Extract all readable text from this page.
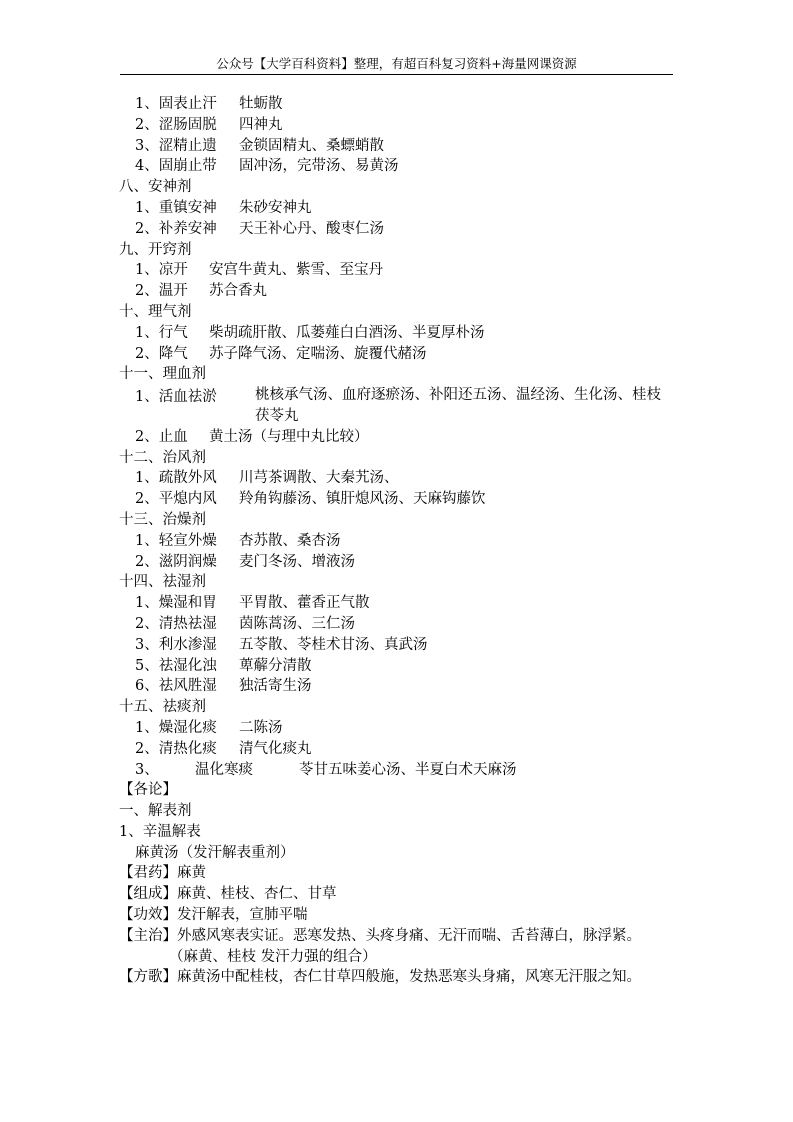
公众号【大学百科资料】整理，有超百科复习资料+海量网课资源
1、固表止汗 牡蛎散
2、涩肠固脱 四神丸
3、涩精止遗 金锁固精丸、桑螵蛸散
4、固崩止带 固冲汤，完带汤、易黄汤
八、安神剂
1、重镇安神 朱砂安神丸
2、补养安神 天王补心丹、酸枣仁汤
九、开窍剂
1、凉开 安宫牛黄丸、紫雪、至宝丹
2、温开 苏合香丸
十、理气剂
1、行气 柴胡疏肝散、瓜蒌薤白白酒汤、半夏厚朴汤
2、降气 苏子降气汤、定喘汤、旋覆代赭汤
十一、理血剂
1、活血祛淤	桃核承气汤、血府逐瘀汤、补阳还五汤、温经汤、生化汤、桂枝茯苓丸
2、止血 黄土汤（与理中丸比较）
十二、治风剂
1、疏散外风 川芎茶调散、大秦艽汤、
2、平熄内风 羚角钩藤汤、镇肝熄风汤、天麻钩藤饮
十三、治燥剂
1、轻宣外燥 杏苏散、桑杏汤
2、滋阴润燥 麦门冬汤、增液汤
十四、祛湿剂
1、燥湿和胃 平胃散、藿香正气散
2、清热祛湿 茵陈蒿汤、三仁汤
3、利水渗湿 五苓散、苓桂术甘汤、真武汤
5、祛湿化浊 萆薢分清散
6、祛风胜湿 独活寄生汤
十五、祛痰剂
1、燥湿化痰 二陈汤
2、清热化痰 清气化痰丸
3、	温化寒痰	苓甘五味姜心汤、半夏白术天麻汤
【各论】
一、解表剂
1、辛温解表
麻黄汤（发汗解表重剂）
【君药】麻黄
【组成】麻黄、桂枝、杏仁、甘草
【功效】发汗解表，宣肺平喘
【主治】外感风寒表实证。恶寒发热、头疼身痛、无汗而喘、舌苔薄白，脉浮紧。
（麻黄、桂枝 发汗力强的组合）
【方歌】麻黄汤中配桂枝，杏仁甘草四般施，发热恶寒头身痛，风寒无汗服之知。
